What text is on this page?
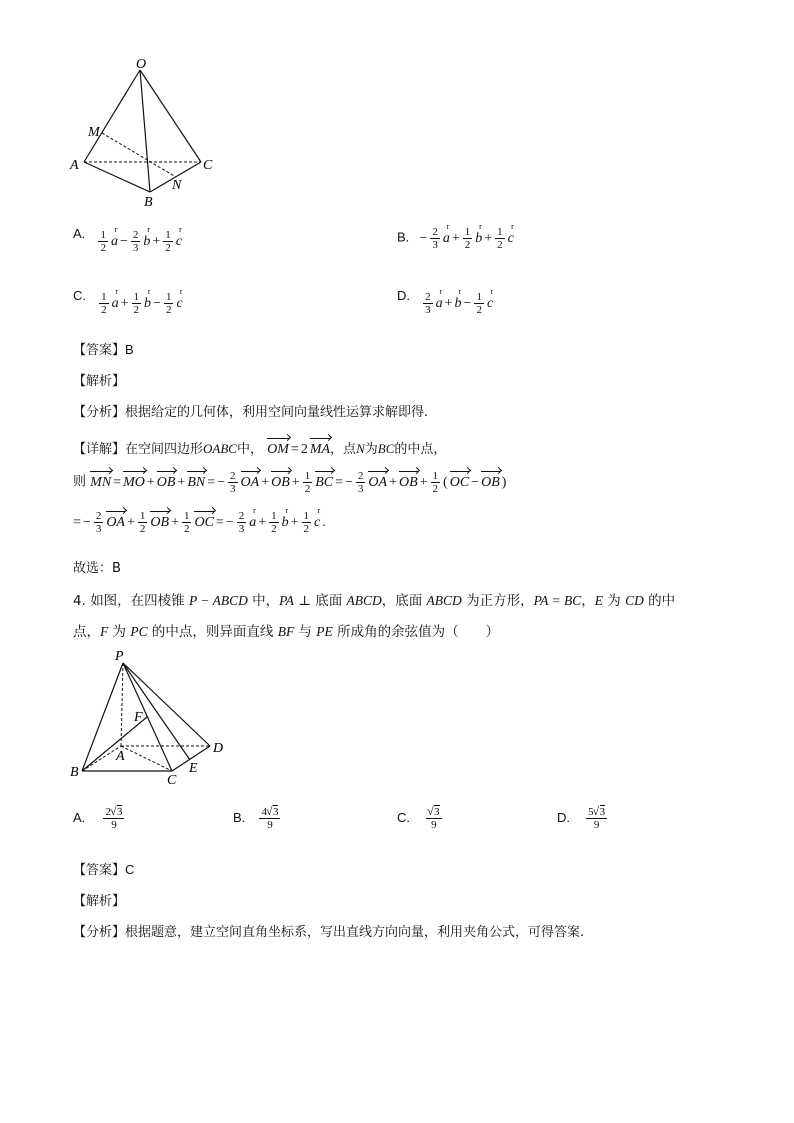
O
M
A
B
C
N
A. 1
2 a
r
− $\frac{2}{3}$ b
r
+ $\frac{1}{2}$ c
r
B. − $\frac{2}{3}$ a
r
+ $\frac{1}{2}$ b
r
+ $\frac{1}{2}$ c
r
C. 1
2 a
r
+ $\frac{1}{2}$ b
r
− $\frac{1}{2}$ c
r	D. 2
3 a
r
+ b
r
− $\frac{1}{2}$ c
r
【答案】B
【解析】
【分析】根据给定的几何体，利用空间向量线性运算求解即得.
【详解】在空间四边形OABC中， OM = 2 MA ，点N为BC的中点，
则 MN = MO + OB + BN = − $\frac{2}{3}$ OA + OB + $\frac{1}{2}$ BC = − $\frac{2}{3}$ OA + OB + $\frac{1}{2}$ ( OC − OB )
= − $\frac{2}{3}$ OA + $\frac{1}{2}$ OB + $\frac{1}{2}$ OC = − $\frac{2}{3}$ a
r
+ $\frac{1}{2}$ b
r
+ $\frac{1}{2}$ c
r
.
故选：B
4. 如图，在四棱锥 P − ABCD 中，PA ⊥ 底面 ABCD，底面 ABCD 为正方形，PA = BC，E 为 CD 的中
点，F 为 PC 的中点，则异面直线 BF 与 PE 所成角的余弦值为（　　）
P
F
A
B
C
D
E
A. $\frac{2 √ 3}{9}$	B. $\frac{4 √ 3}{9}$	C. √ $\frac{3}{9}$	D. $\frac{5 √ 3}{9}$
【答案】C
【解析】
【分析】根据题意，建立空间直角坐标系，写出直线方向向量，利用夹角公式，可得答案.
